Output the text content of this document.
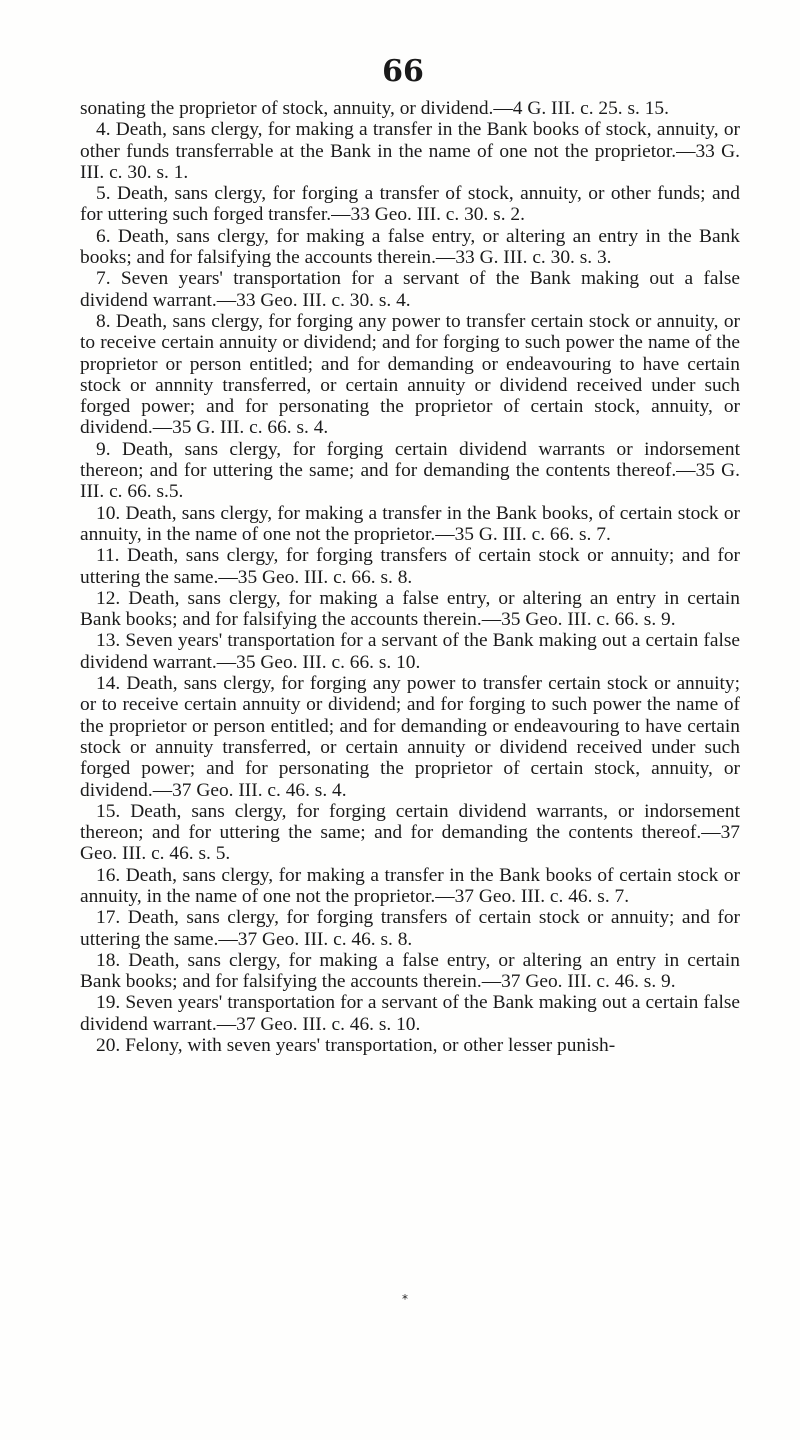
66

sonating the proprietor of stock, annuity, or dividend.—4 G. III. c. 25. s. 15.

4. Death, sans clergy, for making a transfer in the Bank books of stock, annuity, or other funds transferrable at the Bank in the name of one not the proprietor.—33 G. III. c. 30. s. 1.

5. Death, sans clergy, for forging a transfer of stock, annuity, or other funds; and for uttering such forged transfer.—33 Geo. III. c. 30. s. 2.

6. Death, sans clergy, for making a false entry, or altering an entry in the Bank books; and for falsifying the accounts therein.—33 G. III. c. 30. s. 3.

7. Seven years' transportation for a servant of the Bank making out a false dividend warrant.—33 Geo. III. c. 30. s. 4.

8. Death, sans clergy, for forging any power to transfer certain stock or annuity, or to receive certain annuity or dividend; and for forging to such power the name of the proprietor or person entitled; and for demanding or endeavouring to have certain stock or annnity transferred, or certain annuity or dividend received under such forged power; and for personating the proprietor of certain stock, annuity, or dividend.—35 G. III. c. 66. s. 4.

9. Death, sans clergy, for forging certain dividend warrants or indorsement thereon; and for uttering the same; and for demanding the contents thereof.—35 G. III. c. 66. s.5.

10. Death, sans clergy, for making a transfer in the Bank books, of certain stock or annuity, in the name of one not the proprietor.—35 G. III. c. 66. s. 7.

11. Death, sans clergy, for forging transfers of certain stock or annuity; and for uttering the same.—35 Geo. III. c. 66. s. 8.

12. Death, sans clergy, for making a false entry, or altering an entry in certain Bank books; and for falsifying the accounts therein.—35 Geo. III. c. 66. s. 9.

13. Seven years' transportation for a servant of the Bank making out a certain false dividend warrant.—35 Geo. III. c. 66. s. 10.

14. Death, sans clergy, for forging any power to transfer certain stock or annuity; or to receive certain annuity or dividend; and for forging to such power the name of the proprietor or person entitled; and for demanding or endeavouring to have certain stock or annuity transferred, or certain annuity or dividend received under such forged power; and for personating the proprietor of certain stock, annuity, or dividend.—37 Geo. III. c. 46. s. 4.

15. Death, sans clergy, for forging certain dividend warrants, or indorsement thereon; and for uttering the same; and for demanding the contents thereof.—37 Geo. III. c. 46. s. 5.

16. Death, sans clergy, for making a transfer in the Bank books of certain stock or annuity, in the name of one not the proprietor.—37 Geo. III. c. 46. s. 7.

17. Death, sans clergy, for forging transfers of certain stock or annuity; and for uttering the same.—37 Geo. III. c. 46. s. 8.

18. Death, sans clergy, for making a false entry, or altering an entry in certain Bank books; and for falsifying the accounts therein.—37 Geo. III. c. 46. s. 9.

19. Seven years' transportation for a servant of the Bank making out a certain false dividend warrant.—37 Geo. III. c. 46. s. 10.

20. Felony, with seven years' transportation, or other lesser punish-

*
